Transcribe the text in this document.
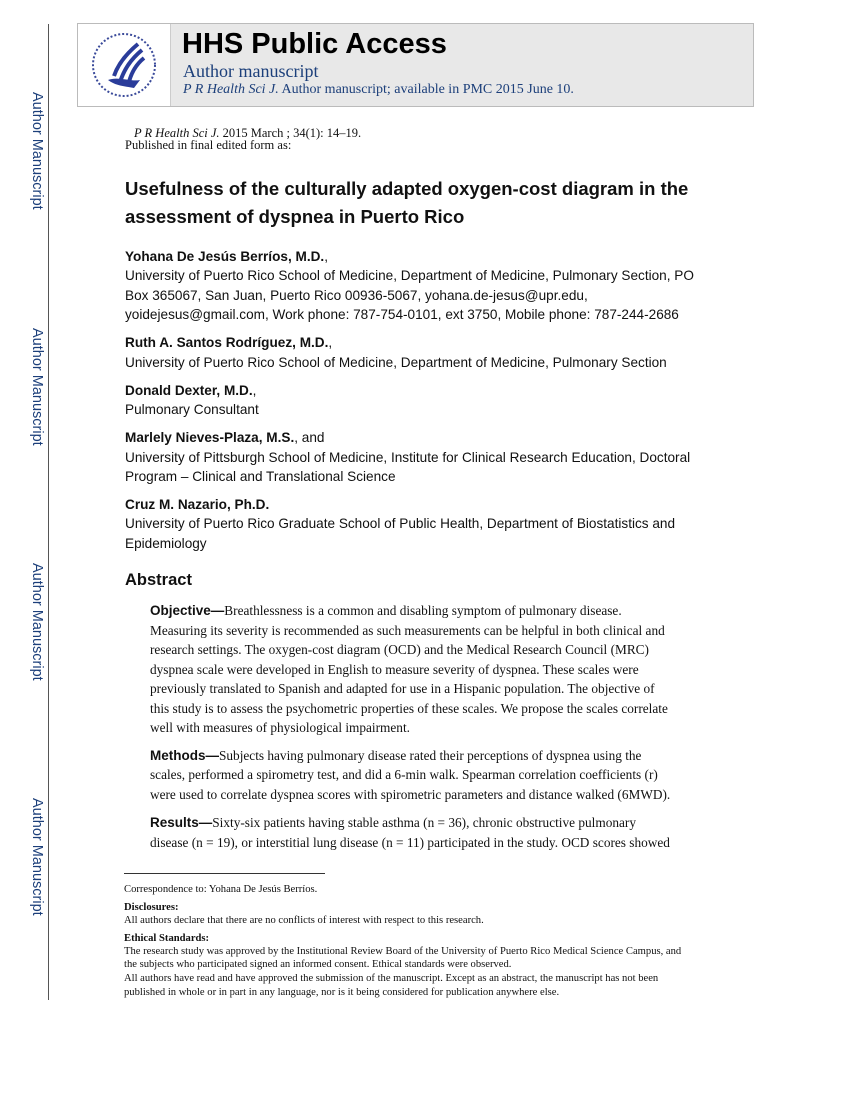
Author Manuscript
Author Manuscript
Author Manuscript
Author Manuscript
HHS Public Access
Author manuscript
P R Health Sci J. Author manuscript; available in PMC 2015 June 10.
Published in final edited form as:
P R Health Sci J. 2015 March ; 34(1): 14–19.
Usefulness of the culturally adapted oxygen-cost diagram in the
assessment of dyspnea in Puerto Rico
Yohana De Jesús Berríos, M.D.,
University of Puerto Rico School of Medicine, Department of Medicine, Pulmonary Section, PO
Box 365067, San Juan, Puerto Rico 00936-5067, yohana.de-jesus@upr.edu,
yoidejesus@gmail.com, Work phone: 787-754-0101, ext 3750, Mobile phone: 787-244-2686
Ruth A. Santos Rodríguez, M.D.,
University of Puerto Rico School of Medicine, Department of Medicine, Pulmonary Section
Donald Dexter, M.D.,
Pulmonary Consultant
Marlely Nieves-Plaza, M.S., and
University of Pittsburgh School of Medicine, Institute for Clinical Research Education, Doctoral
Program – Clinical and Translational Science
Cruz M. Nazario, Ph.D.
University of Puerto Rico Graduate School of Public Health, Department of Biostatistics and
Epidemiology
Abstract
Objective—Breathlessness is a common and disabling symptom of pulmonary disease.
Measuring its severity is recommended as such measurements can be helpful in both clinical and
research settings. The oxygen-cost diagram (OCD) and the Medical Research Council (MRC)
dyspnea scale were developed in English to measure severity of dyspnea. These scales were
previously translated to Spanish and adapted for use in a Hispanic population. The objective of
this study is to assess the psychometric properties of these scales. We propose the scales correlate
well with measures of physiological impairment.
Methods—Subjects having pulmonary disease rated their perceptions of dyspnea using the
scales, performed a spirometry test, and did a 6-min walk. Spearman correlation coefficients (r)
were used to correlate dyspnea scores with spirometric parameters and distance walked (6MWD).
Results—Sixty-six patients having stable asthma (n = 36), chronic obstructive pulmonary
disease (n = 19), or interstitial lung disease (n = 11) participated in the study. OCD scores showed
Correspondence to: Yohana De Jesús Berríos.
Disclosures:
All authors declare that there are no conflicts of interest with respect to this research.
Ethical Standards:
The research study was approved by the Institutional Review Board of the University of Puerto Rico Medical Science Campus, and
the subjects who participated signed an informed consent. Ethical standards were observed.
All authors have read and have approved the submission of the manuscript. Except as an abstract, the manuscript has not been
published in whole or in part in any language, nor is it being considered for publication anywhere else.
